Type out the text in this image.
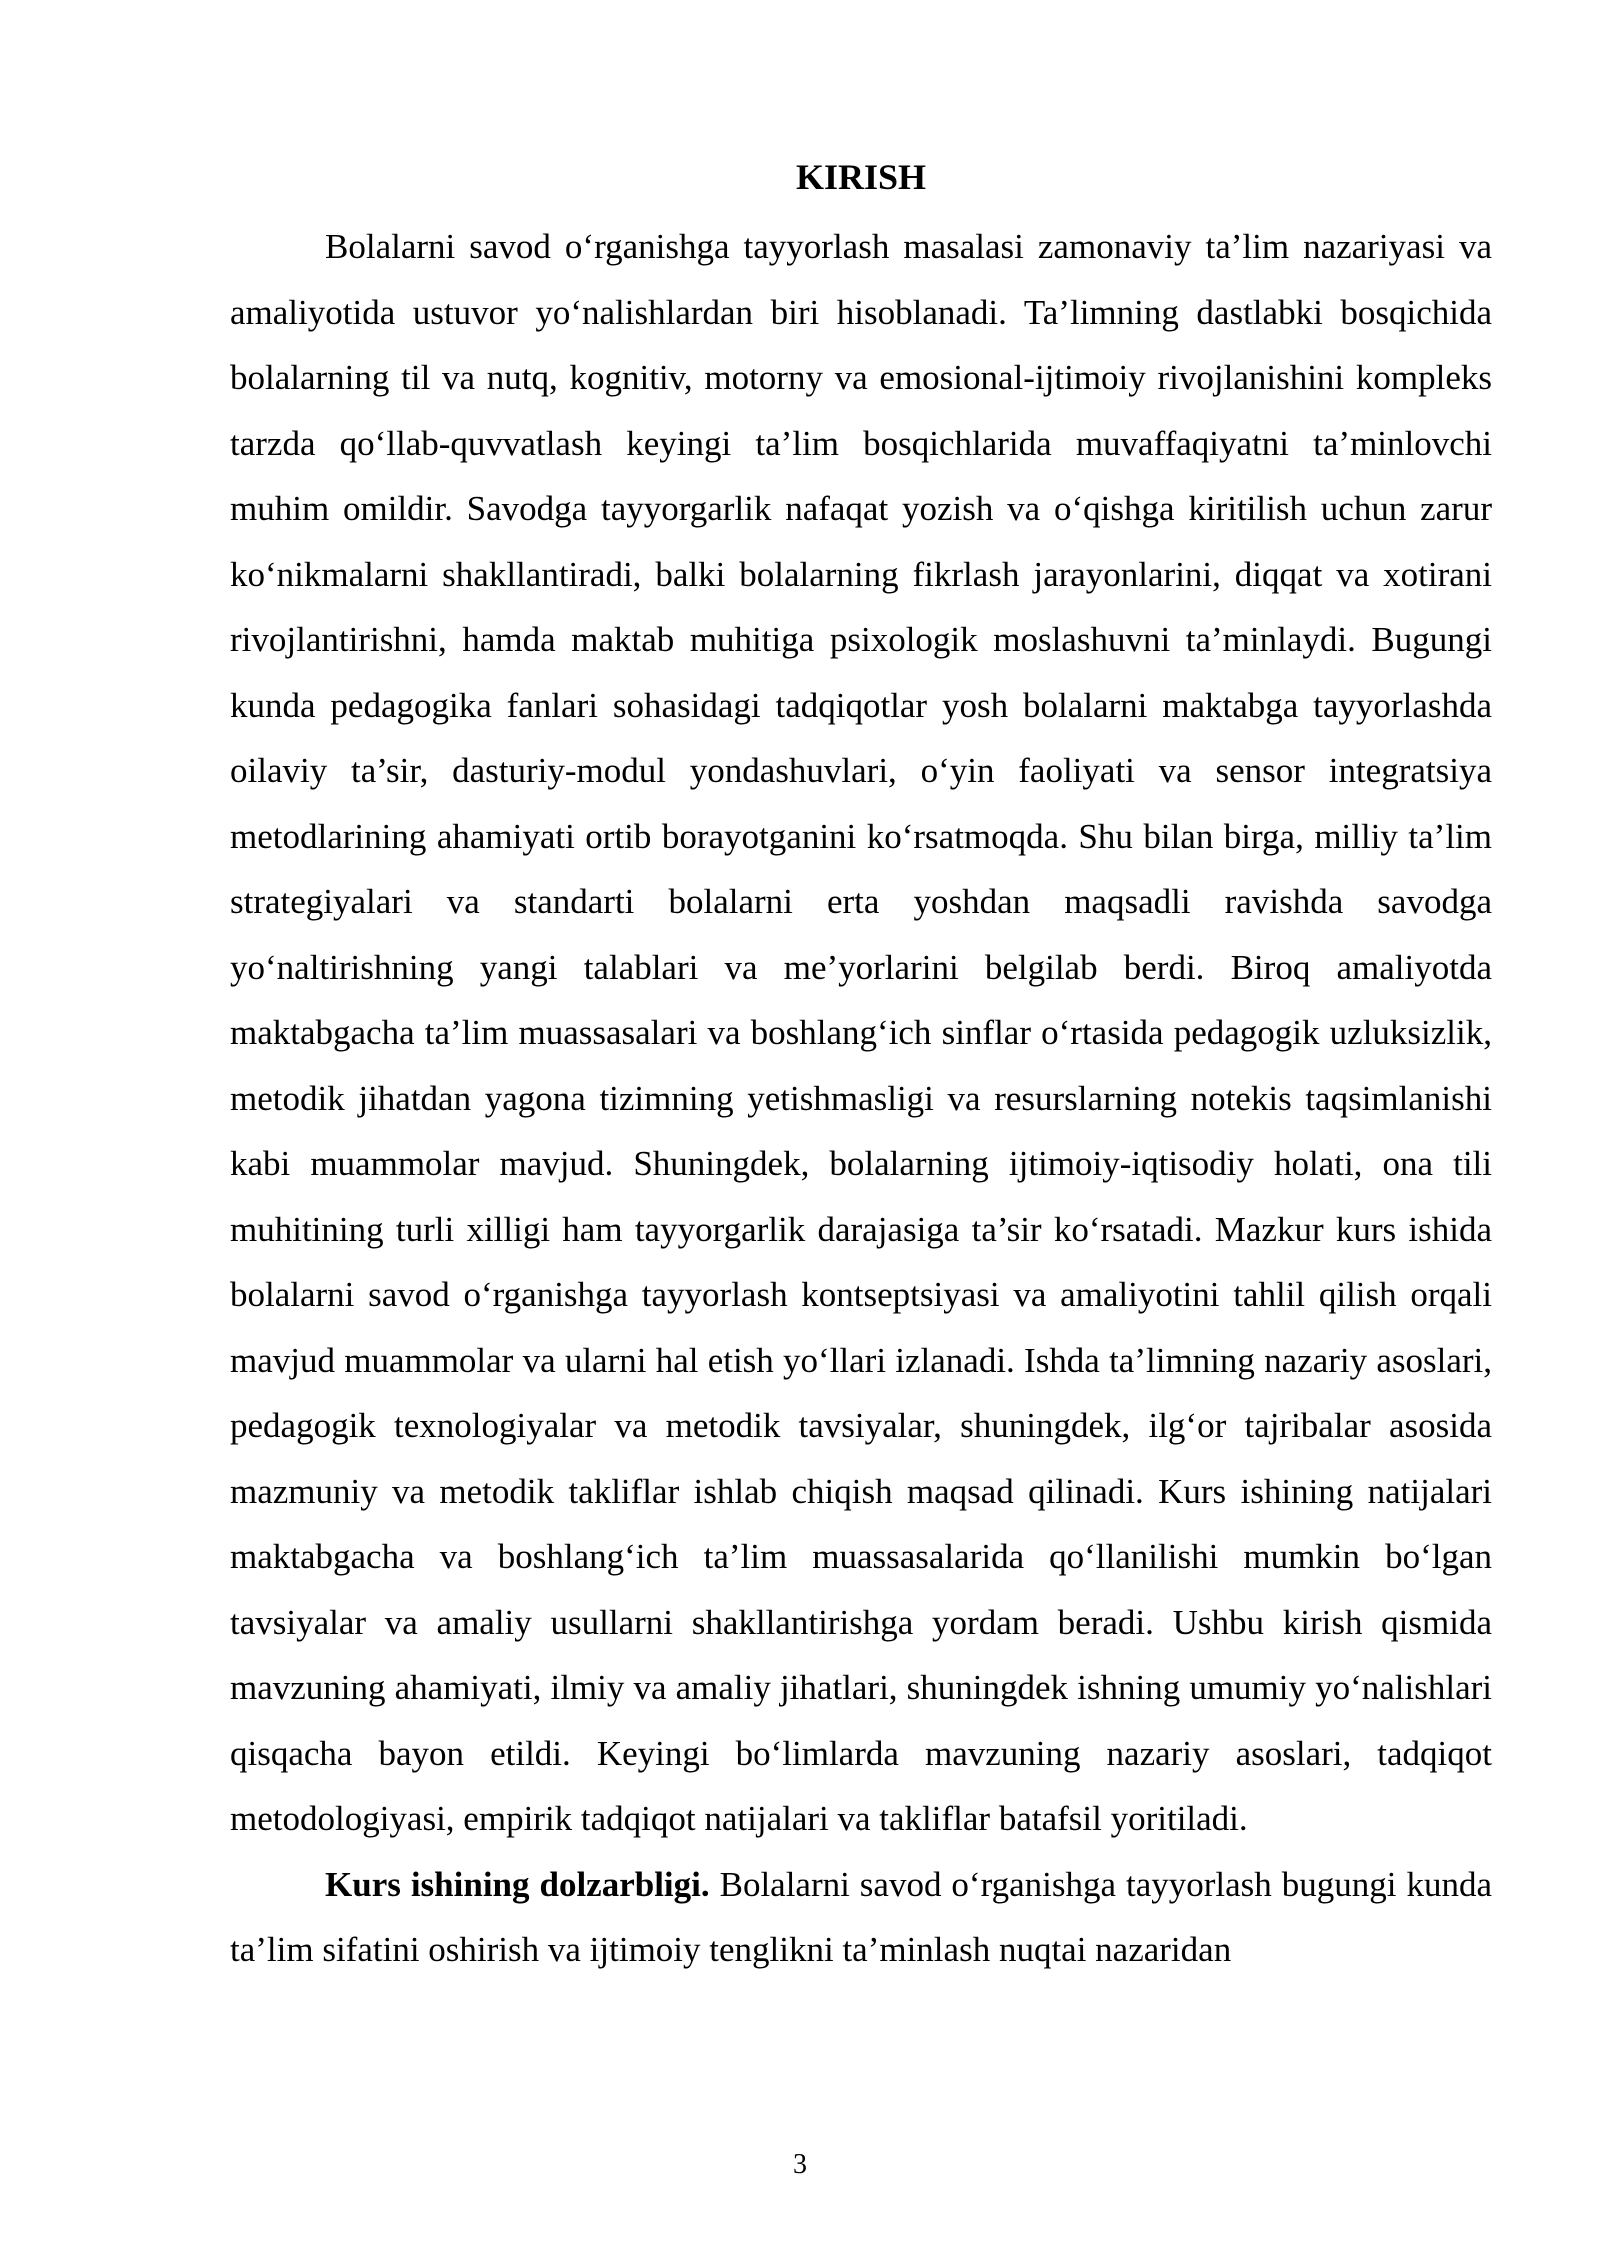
KIRISH

Bolalarni savod o‘rganishga tayyorlash masalasi zamonaviy ta’lim nazariyasi va amaliyotida ustuvor yo‘nalishlardan biri hisoblanadi. Ta’limning dastlabki bosqichida bolalarning til va nutq, kognitiv, motorny va emosional-ijtimoiy rivojlanishini kompleks tarzda qo‘llab-quvvatlash keyingi ta’lim bosqichlarida muvaffaqiyatni ta’minlovchi muhim omildir. Savodga tayyorgarlik nafaqat yozish va o‘qishga kiritilish uchun zarur ko‘nikmalarni shakllantiradi, balki bolalarning fikrlash jarayonlarini, diqqat va xotirani rivojlantirishni, hamda maktab muhitiga psixologik moslashuvni ta’minlaydi. Bugungi kunda pedagogika fanlari sohasidagi tadqiqotlar yosh bolalarni maktabga tayyorlashda oilaviy ta’sir, dasturiy-modul yondashuvlari, o‘yin faoliyati va sensor integratsiya metodlarining ahamiyati ortib borayotganini ko‘rsatmoqda. Shu bilan birga, milliy ta’lim strategiyalari va standarti bolalarni erta yoshdan maqsadli ravishda savodga yo‘naltirishning yangi talablari va me’yorlarini belgilab berdi. Biroq amaliyotda maktabgacha ta’lim muassasalari va boshlang‘ich sinflar o‘rtasida pedagogik uzluksizlik, metodik jihatdan yagona tizimning yetishmasligi va resurslarning notekis taqsimlanishi kabi muammolar mavjud. Shuningdek, bolalarning ijtimoiy-iqtisodiy holati, ona tili muhitining turli xilligi ham tayyorgarlik darajasiga ta’sir ko‘rsatadi. Mazkur kurs ishida bolalarni savod o‘rganishga tayyorlash kontseptsiyasi va amaliyotini tahlil qilish orqali mavjud muammolar va ularni hal etish yo‘llari izlanadi. Ishda ta’limning nazariy asoslari, pedagogik texnologiyalar va metodik tavsiyalar, shuningdek, ilg‘or tajribalar asosida mazmuniy va metodik takliflar ishlab chiqish maqsad qilinadi. Kurs ishining natijalari maktabgacha va boshlang‘ich ta’lim muassasalarida qo‘llanilishi mumkin bo‘lgan tavsiyalar va amaliy usullarni shakllantirishga yordam beradi. Ushbu kirish qismida mavzuning ahamiyati, ilmiy va amaliy jihatlari, shuningdek ishning umumiy yo‘nalishlari qisqacha bayon etildi. Keyingi bo‘limlarda mavzuning nazariy asoslari, tadqiqot metodologiyasi, empirik tadqiqot natijalari va takliflar batafsil yoritiladi.

Kurs ishining dolzarbligi. Bolalarni savod o‘rganishga tayyorlash bugungi kunda ta’lim sifatini oshirish va ijtimoiy tenglikni ta’minlash nuqtai nazaridan

3
